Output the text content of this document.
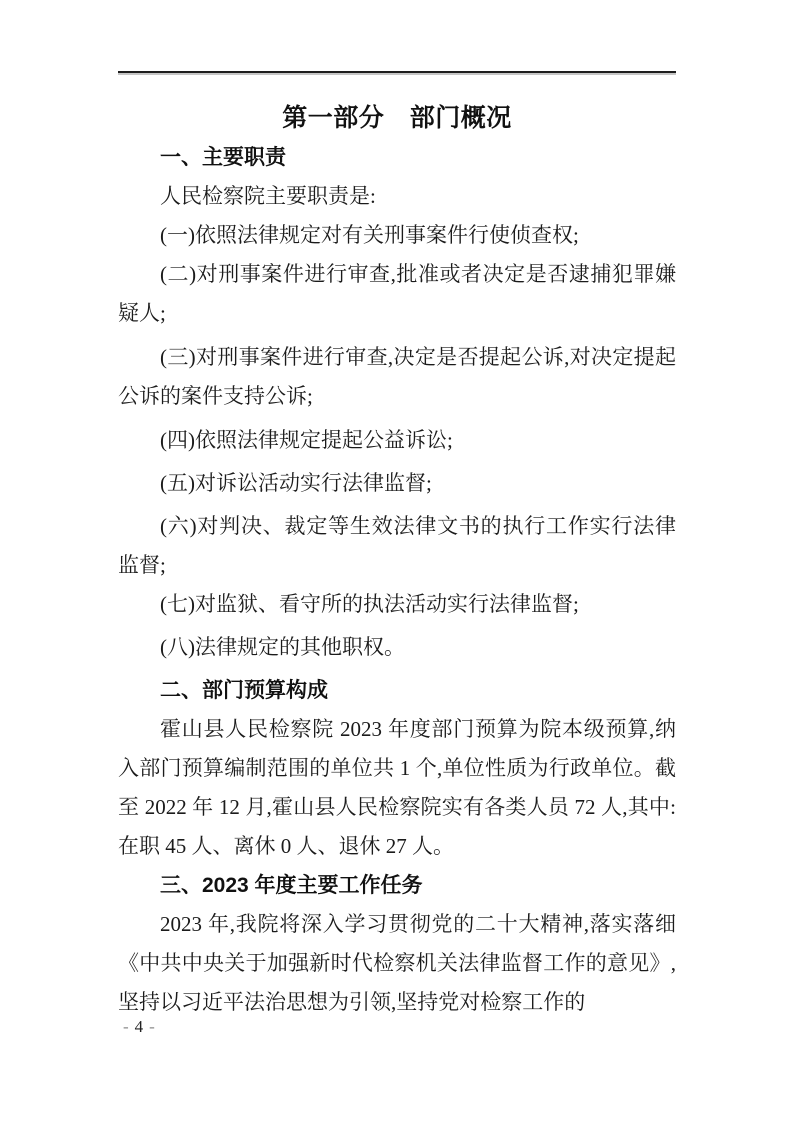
第一部分　部门概况
一、主要职责

人民检察院主要职责是:

(一)依照法律规定对有关刑事案件行使侦查权;

(二)对刑事案件进行审查,批准或者决定是否逮捕犯罪嫌疑人;

(三)对刑事案件进行审查,决定是否提起公诉,对决定提起公诉的案件支持公诉;

(四)依照法律规定提起公益诉讼;

(五)对诉讼活动实行法律监督;

(六)对判决、裁定等生效法律文书的执行工作实行法律监督;

(七)对监狱、看守所的执法活动实行法律监督;

(八)法律规定的其他职权。

二、部门预算构成

霍山县人民检察院 2023 年度部门预算为院本级预算,纳入部门预算编制范围的单位共 1 个,单位性质为行政单位。截至 2022 年 12 月,霍山县人民检察院实有各类人员 72 人,其中:在职 45 人、离休 0 人、退休 27 人。

三、2023 年度主要工作任务

2023 年,我院将深入学习贯彻党的二十大精神,落实落细《中共中央关于加强新时代检察机关法律监督工作的意见》,坚持以习近平法治思想为引领,坚持党对检察工作的

- 4 -
